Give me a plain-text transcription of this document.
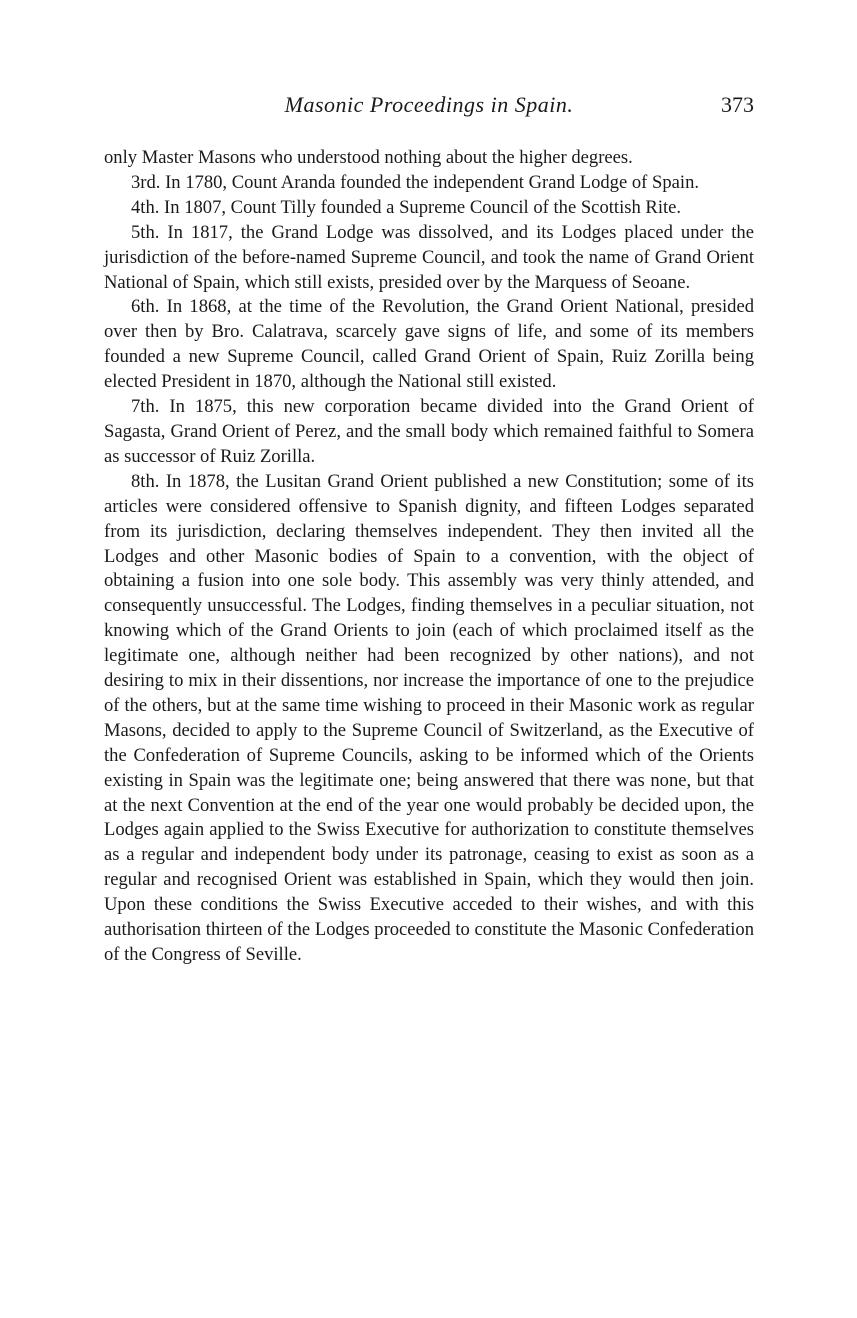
Masonic Proceedings in Spain.	373

only Master Masons who understood nothing about the higher degrees.

3rd. In 1780, Count Aranda founded the independent Grand Lodge of Spain.

4th. In 1807, Count Tilly founded a Supreme Council of the Scottish Rite.

5th. In 1817, the Grand Lodge was dissolved, and its Lodges placed under the jurisdiction of the before-named Supreme Council, and took the name of Grand Orient National of Spain, which still exists, presided over by the Marquess of Seoane.

6th. In 1868, at the time of the Revolution, the Grand Orient National, presided over then by Bro. Calatrava, scarcely gave signs of life, and some of its members founded a new Supreme Council, called Grand Orient of Spain, Ruiz Zorilla being elected President in 1870, although the National still existed.

7th. In 1875, this new corporation became divided into the Grand Orient of Sagasta, Grand Orient of Perez, and the small body which remained faithful to Somera as successor of Ruiz Zorilla.

8th. In 1878, the Lusitan Grand Orient published a new Constitution; some of its articles were considered offensive to Spanish dignity, and fifteen Lodges separated from its jurisdiction, declaring themselves independent. They then invited all the Lodges and other Masonic bodies of Spain to a convention, with the object of obtaining a fusion into one sole body. This assembly was very thinly attended, and consequently unsuccessful. The Lodges, finding themselves in a peculiar situation, not knowing which of the Grand Orients to join (each of which proclaimed itself as the legitimate one, although neither had been recognized by other nations), and not desiring to mix in their dissentions, nor increase the importance of one to the prejudice of the others, but at the same time wishing to proceed in their Masonic work as regular Masons, decided to apply to the Supreme Council of Switzerland, as the Executive of the Confederation of Supreme Councils, asking to be informed which of the Orients existing in Spain was the legitimate one; being answered that there was none, but that at the next Convention at the end of the year one would probably be decided upon, the Lodges again applied to the Swiss Executive for authorization to constitute themselves as a regular and independent body under its patronage, ceasing to exist as soon as a regular and recognised Orient was established in Spain, which they would then join. Upon these conditions the Swiss Executive acceded to their wishes, and with this authorisation thirteen of the Lodges proceeded to constitute the Masonic Confederation of the Congress of Seville.
